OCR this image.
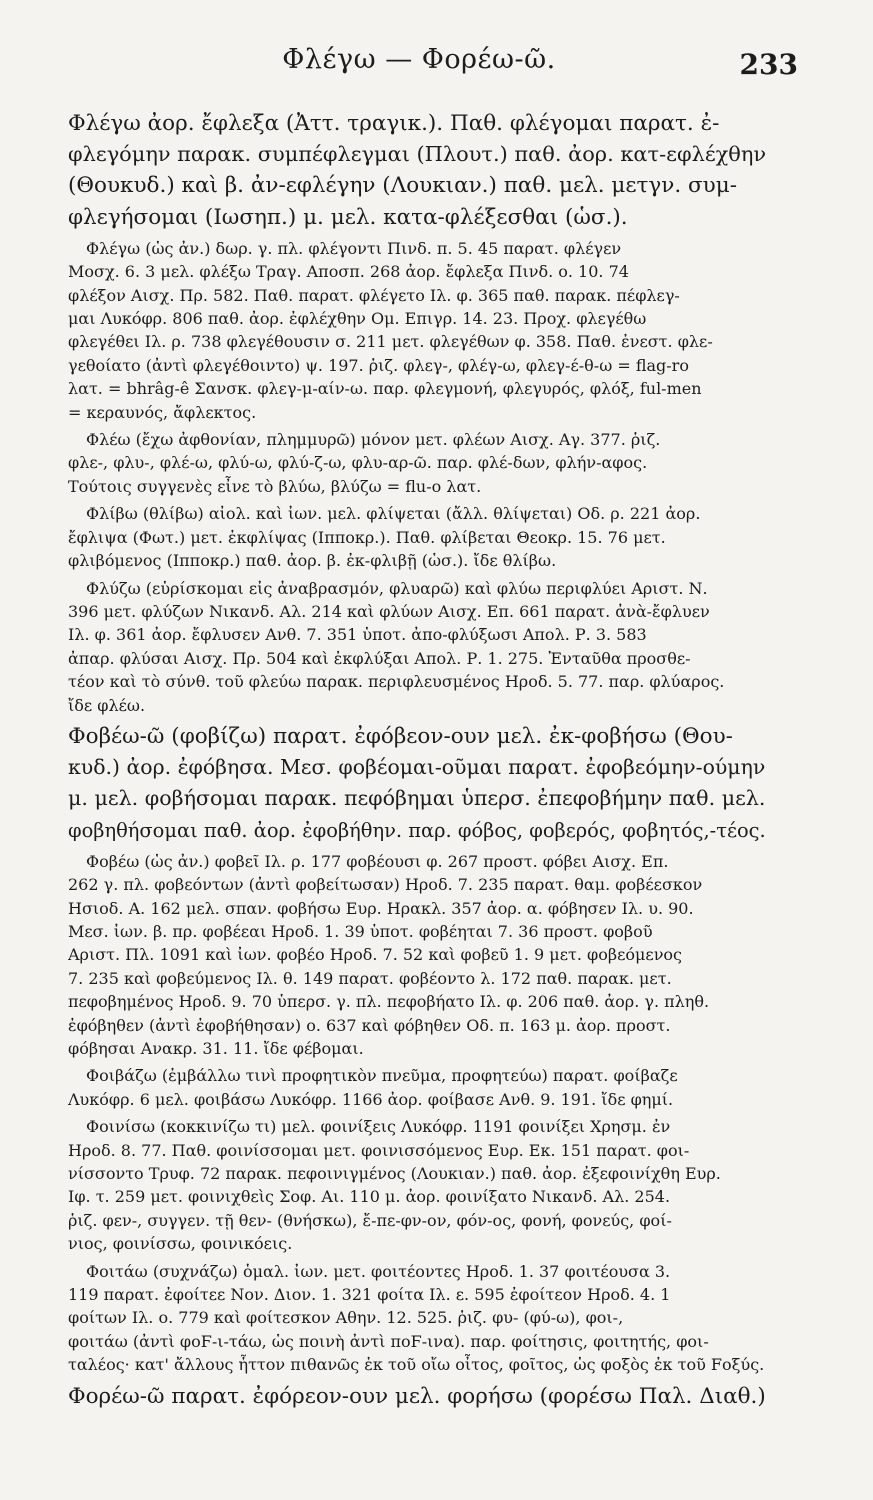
Φλέγω — Φορέω-ῶ.	233
Φλέγω ἀορ. ἔφλεξα (Ἀττ. τραγικ.). Παθ. φλέγομαι παρατ. ἐ-
φλεγόμην παρακ. συμπέφλεγμαι (Πλουτ.) παθ. ἀορ. κατ-εφλέχθην
(Θουκυδ.) καὶ β. ἀν-εφλέγην (Λουκιαν.) παθ. μελ. μετγν. συμ-
φλεγήσομαι (Ιωσηπ.) μ. μελ. κατα-φλέξεσθαι (ὡσ.).
Φλέγω (ὡς ἀν.) δωρ. γ. πλ. φλέγοντι Πινδ. π. 5. 45 παρατ. φλέγεν
Μοσχ. 6. 3 μελ. φλέξω Τραγ. Αποσπ. 268 ἀορ. ἔφλεξα Πινδ. ο. 10. 74
φλέξον Αισχ. Πρ. 582. Παθ. παρατ. φλέγετο Ιλ. φ. 365 παθ. παρακ. πέφλεγ-
μαι Λυκόφρ. 806 παθ. ἀορ. ἐφλέχθην Ομ. Επιγρ. 14. 23. Προχ. φλεγέθω
φλεγέθει Ιλ. ρ. 738 φλεγέθουσιν σ. 211 μετ. φλεγέθων φ. 358. Παθ. ἐνεστ. φλε-
γεθοίατο (ἀντὶ φλεγέθοιντο) ψ. 197. ῥιζ. φλεγ-, φλέγ-ω, φλεγ-έ-θ-ω = flag-ro
λατ. = bhrâg-ê Σανσκ. φλεγ-μ-αίν-ω. παρ. φλεγμονή, φλεγυρός, φλόξ, ful-men
= κεραυνός, ἄφλεκτος.
Φλέω (ἔχω ἀφθονίαν, πλημμυρῶ) μόνον μετ. φλέων Αισχ. Αγ. 377. ῥιζ.
φλε-, φλυ-, φλέ-ω, φλύ-ω, φλύ-ζ-ω, φλυ-αρ-ῶ. παρ. φλέ-δων, φλήν-αφος.
Τούτοις συγγενὲς εἶνε τὸ βλύω, βλύζω = flu-o λατ.
Φλίβω (θλίβω) αἰολ. καὶ ἰων. μελ. φλίψεται (ἄλλ. θλίψεται) Οδ. ρ. 221 ἀορ.
ἔφλιψα (Φωτ.) μετ. ἐκφλίψας (Ιπποκρ.). Παθ. φλίβεται Θεοκρ. 15. 76 μετ.
φλιβόμενος (Ιπποκρ.) παθ. ἀορ. β. ἐκ-φλιβῇ (ὡσ.). ἴδε θλίβω.
Φλύζω (εὑρίσκομαι εἰς ἀναβρασμόν, φλυαρῶ) καὶ φλύω περιφλύει Αριστ. Ν.
396 μετ. φλύζων Νικανδ. Αλ. 214 καὶ φλύων Αισχ. Επ. 661 παρατ. ἀνὰ-ἔφλυεν
Ιλ. φ. 361 ἀορ. ἔφλυσεν Ανθ. 7. 351 ὑποτ. ἀπο-φλύξωσι Απολ. Ρ. 3. 583
ἀπαρ. φλύσαι Αισχ. Πρ. 504 καὶ ἐκφλύξαι Απολ. Ρ. 1. 275. Ἐνταῦθα προσθε-
τέον καὶ τὸ σύνθ. τοῦ φλεύω παρακ. περιφλευσμένος Ηροδ. 5. 77. παρ. φλύαρος.
ἴδε φλέω.
Φοβέω-ῶ (φοβίζω) παρατ. ἐφόβεον-ουν μελ. ἐκ-φοβήσω (Θου-
κυδ.) ἀορ. ἐφόβησα. Μεσ. φοβέομαι-οῦμαι παρατ. ἐφοβεόμην-ούμην
μ. μελ. φοβήσομαι παρακ. πεφόβημαι ὑπερσ. ἐπεφοβήμην παθ. μελ.
φοβηθήσομαι παθ. ἀορ. ἐφοβήθην. παρ. φόβος, φοβερός, φοβητός,-τέος.
Φοβέω (ὡς ἀν.) φοβεῖ Ιλ. ρ. 177 φοβέουσι φ. 267 προστ. φόβει Αισχ. Επ.
262 γ. πλ. φοβεόντων (ἀντὶ φοβείτωσαν) Ηροδ. 7. 235 παρατ. θαμ. φοβέεσκον
Ησιοδ. Α. 162 μελ. σπαν. φοβήσω Ευρ. Ηρακλ. 357 ἀορ. α. φόβησεν Ιλ. υ. 90.
Μεσ. ἰων. β. πρ. φοβέεαι Ηροδ. 1. 39 ὑποτ. φοβέηται 7. 36 προστ. φοβοῦ
Αριστ. Πλ. 1091 καὶ ἰων. φοβέο Ηροδ. 7. 52 καὶ φοβεῦ 1. 9 μετ. φοβεόμενος
7. 235 καὶ φοβεύμενος Ιλ. θ. 149 παρατ. φοβέοντο λ. 172 παθ. παρακ. μετ.
πεφοβημένος Ηροδ. 9. 70 ὑπερσ. γ. πλ. πεφοβήατο Ιλ. φ. 206 παθ. ἀορ. γ. πληθ.
ἐφόβηθεν (ἀντὶ ἐφοβήθησαν) ο. 637 καὶ φόβηθεν Οδ. π. 163 μ. ἀορ. προστ.
φόβησαι Ανακρ. 31. 11. ἴδε φέβομαι.
Φοιβάζω (ἐμβάλλω τινὶ προφητικὸν πνεῦμα, προφητεύω) παρατ. φοίβαζε
Λυκόφρ. 6 μελ. φοιβάσω Λυκόφρ. 1166 ἀορ. φοίβασε Ανθ. 9. 191. ἴδε φημί.
Φοινίσω (κοκκινίζω τι) μελ. φοινίξεις Λυκόφρ. 1191 φοινίξει Χρησμ. ἐν
Ηροδ. 8. 77. Παθ. φοινίσσομαι μετ. φοινισσόμενος Ευρ. Εκ. 151 παρατ. φοι-
νίσσοντο Τρυφ. 72 παρακ. πεφοινιγμένος (Λουκιαν.) παθ. ἀορ. ἐξεφοινίχθη Ευρ.
Ιφ. τ. 259 μετ. φοινιχθεὶς Σοφ. Αι. 110 μ. ἀορ. φοινίξατο Νικανδ. Αλ. 254.
ῥιζ. φεν-, συγγεν. τῇ θεν- (θνήσκω), ἔ-πε-φν-ον, φόν-ος, φονή, φονεύς, φοί-
νιος, φοινίσσω, φοινικόεις.
Φοιτάω (συχνάζω) ὁμαλ. ἰων. μετ. φοιτέοντες Ηροδ. 1. 37 φοιτέουσα 3.
119 παρατ. ἐφοίτεε Νον. Διον. 1. 321 φοίτα Ιλ. ε. 595 ἐφοίτεον Ηροδ. 4. 1
φοίτων Ιλ. ο. 779 καὶ φοίτεσκον Αθην. 12. 525. ῥιζ. φυ- (φύ-ω), φοι-,
φοιτάω (ἀντὶ φοϜ-ι-τάω, ὡς ποινὴ ἀντὶ ποϜ-ινα). παρ. φοίτησις, φοιτητής, φοι-
ταλέος· κατ' ἄλλους ἧττον πιθανῶς ἐκ τοῦ οἴω οἶτος, φοῖτος, ὡς φοξὸς ἐκ τοῦ Fοξύς.
Φορέω-ῶ παρατ. ἐφόρεον-ουν μελ. φορήσω (φορέσω Παλ. Διαθ.)
